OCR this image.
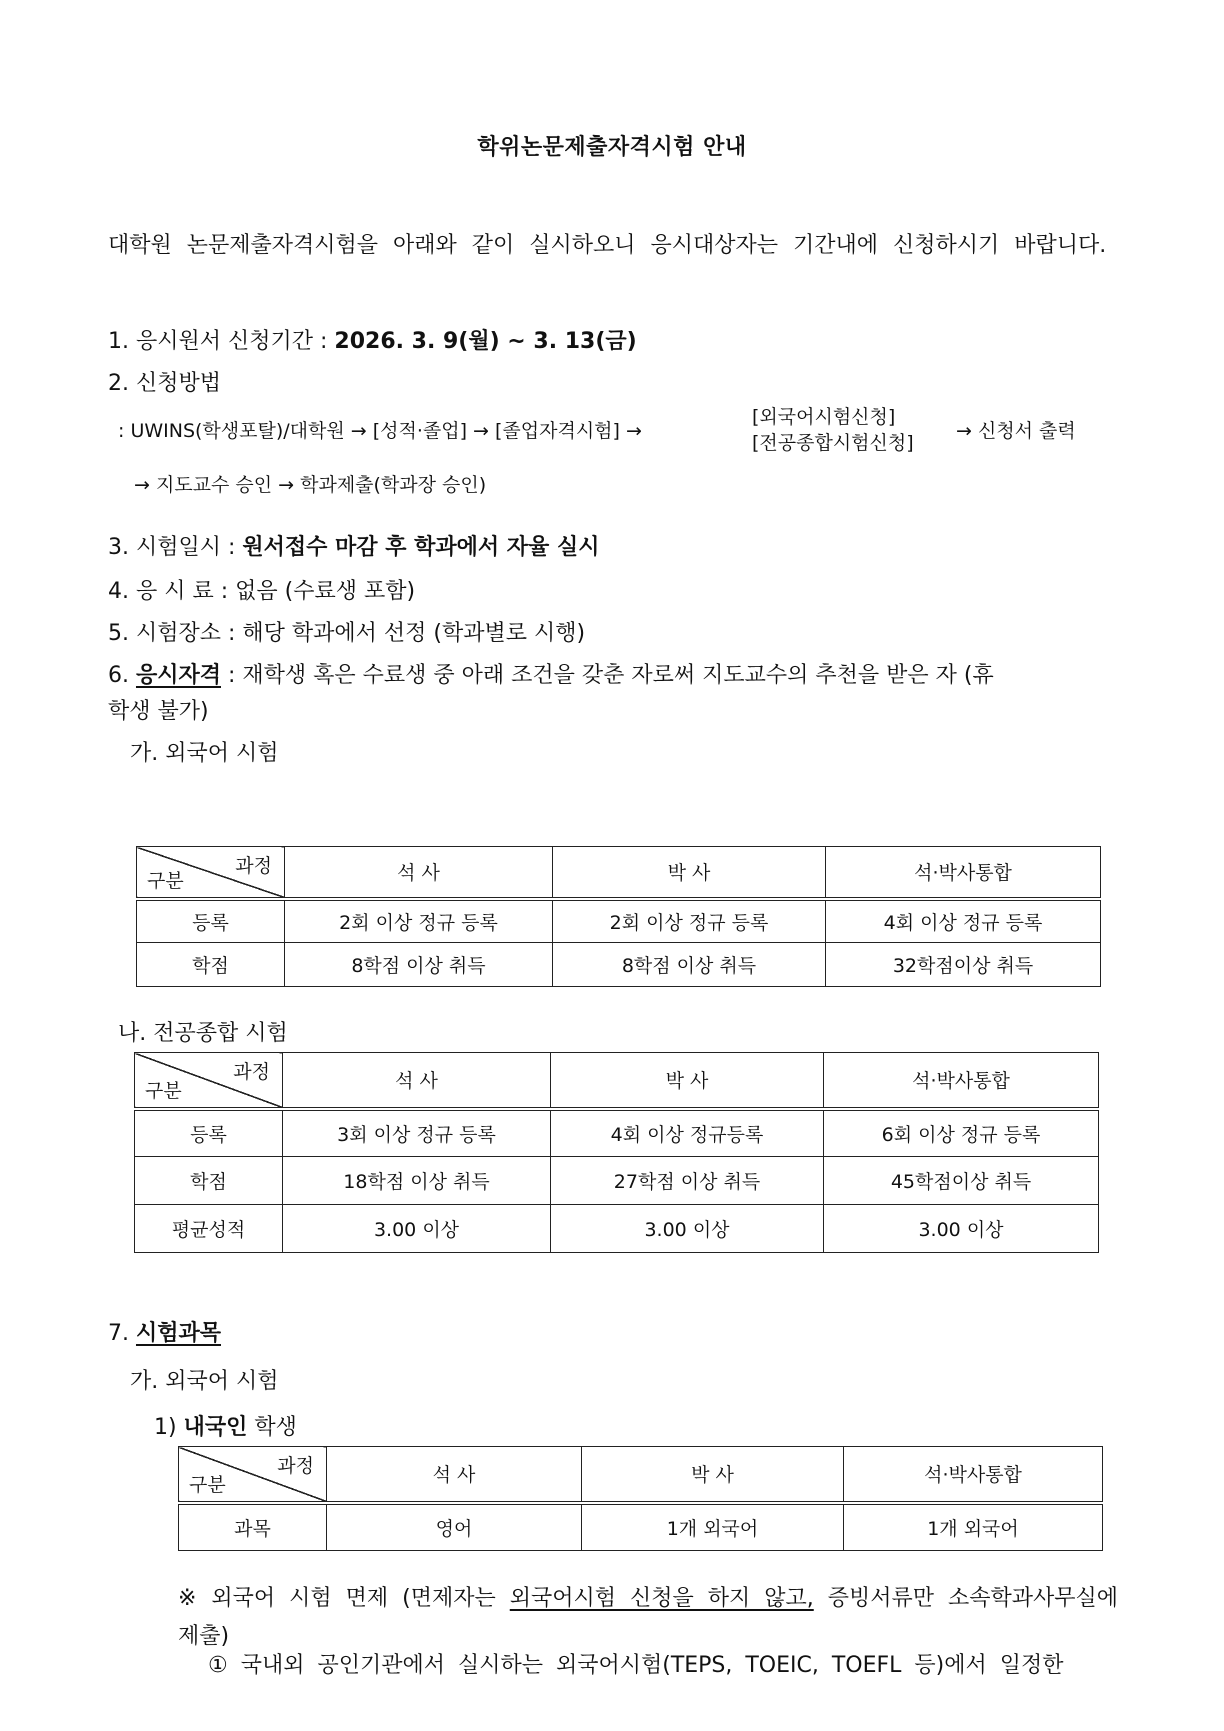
학위논문제출자격시험 안내
대학원 논문제출자격시험을 아래와 같이 실시하오니 응시대상자는 기간내에 신청하시기 바랍니다.
1. 응시원서 신청기간 : 2026. 3. 9(월) ~ 3. 13(금)
2. 신청방법
: UWINS(학생포탈)/대학원 → [성적·졸업] → [졸업자격시험] →
[외국어시험신청]
[전공종합시험신청]
→ 신청서 출력
→ 지도교수 승인 → 학과제출(학과장 승인)
3. 시험일시 : 원서접수 마감 후 학과에서 자율 실시
4. 응 시 료 : 없음 (수료생 포함)
5. 시험장소 : 해당 학과에서 선정 (학과별로 시행)
6. 응시자격 : 재학생 혹은 수료생 중 아래 조건을 갖춘 자로써 지도교수의 추천을 받은 자 (휴
학생 불가)
가. 외국어 시험
과정
구분	석 사	박 사	석·박사통합
등록	2회 이상 정규 등록	2회 이상 정규 등록	4회 이상 정규 등록
학점	8학점 이상 취득	8학점 이상 취득	32학점이상 취득
나. 전공종합 시험
과정
구분	석 사	박 사	석·박사통합
등록	3회 이상 정규 등록	4회 이상 정규등록	6회 이상 정규 등록
학점	18학점 이상 취득	27학점 이상 취득	45학점이상 취득
평균성적	3.00 이상	3.00 이상	3.00 이상
7. 시험과목
가. 외국어 시험
1) 내국인 학생
과정
구분	석 사	박 사	석·박사통합
과목	영어	1개 외국어	1개 외국어
※ 외국어 시험 면제 (면제자는 외국어시험 신청을 하지 않고, 증빙서류만 소속학과사무실에 제출)
① 국내외 공인기관에서 실시하는 외국어시험(TEPS, TOEIC, TOEFL 등)에서 일정한
